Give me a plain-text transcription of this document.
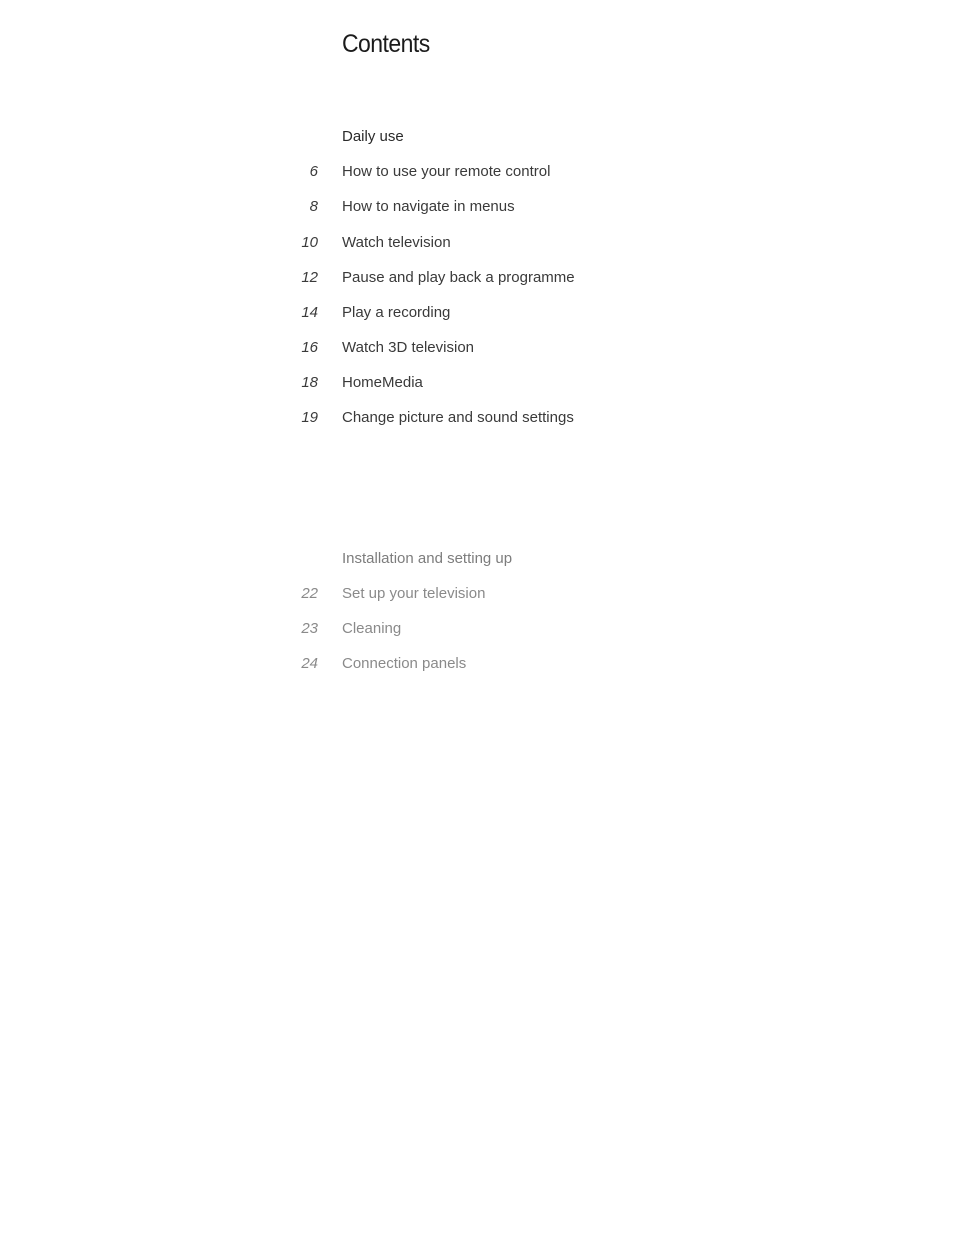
Contents
Daily use
6 How to use your remote control
8 How to navigate in menus
10 Watch television
12 Pause and play back a programme
14 Play a recording
16 Watch 3D television
18 HomeMedia
19 Change picture and sound settings
Installation and setting up
22 Set up your television
23 Cleaning
24 Connection panels
